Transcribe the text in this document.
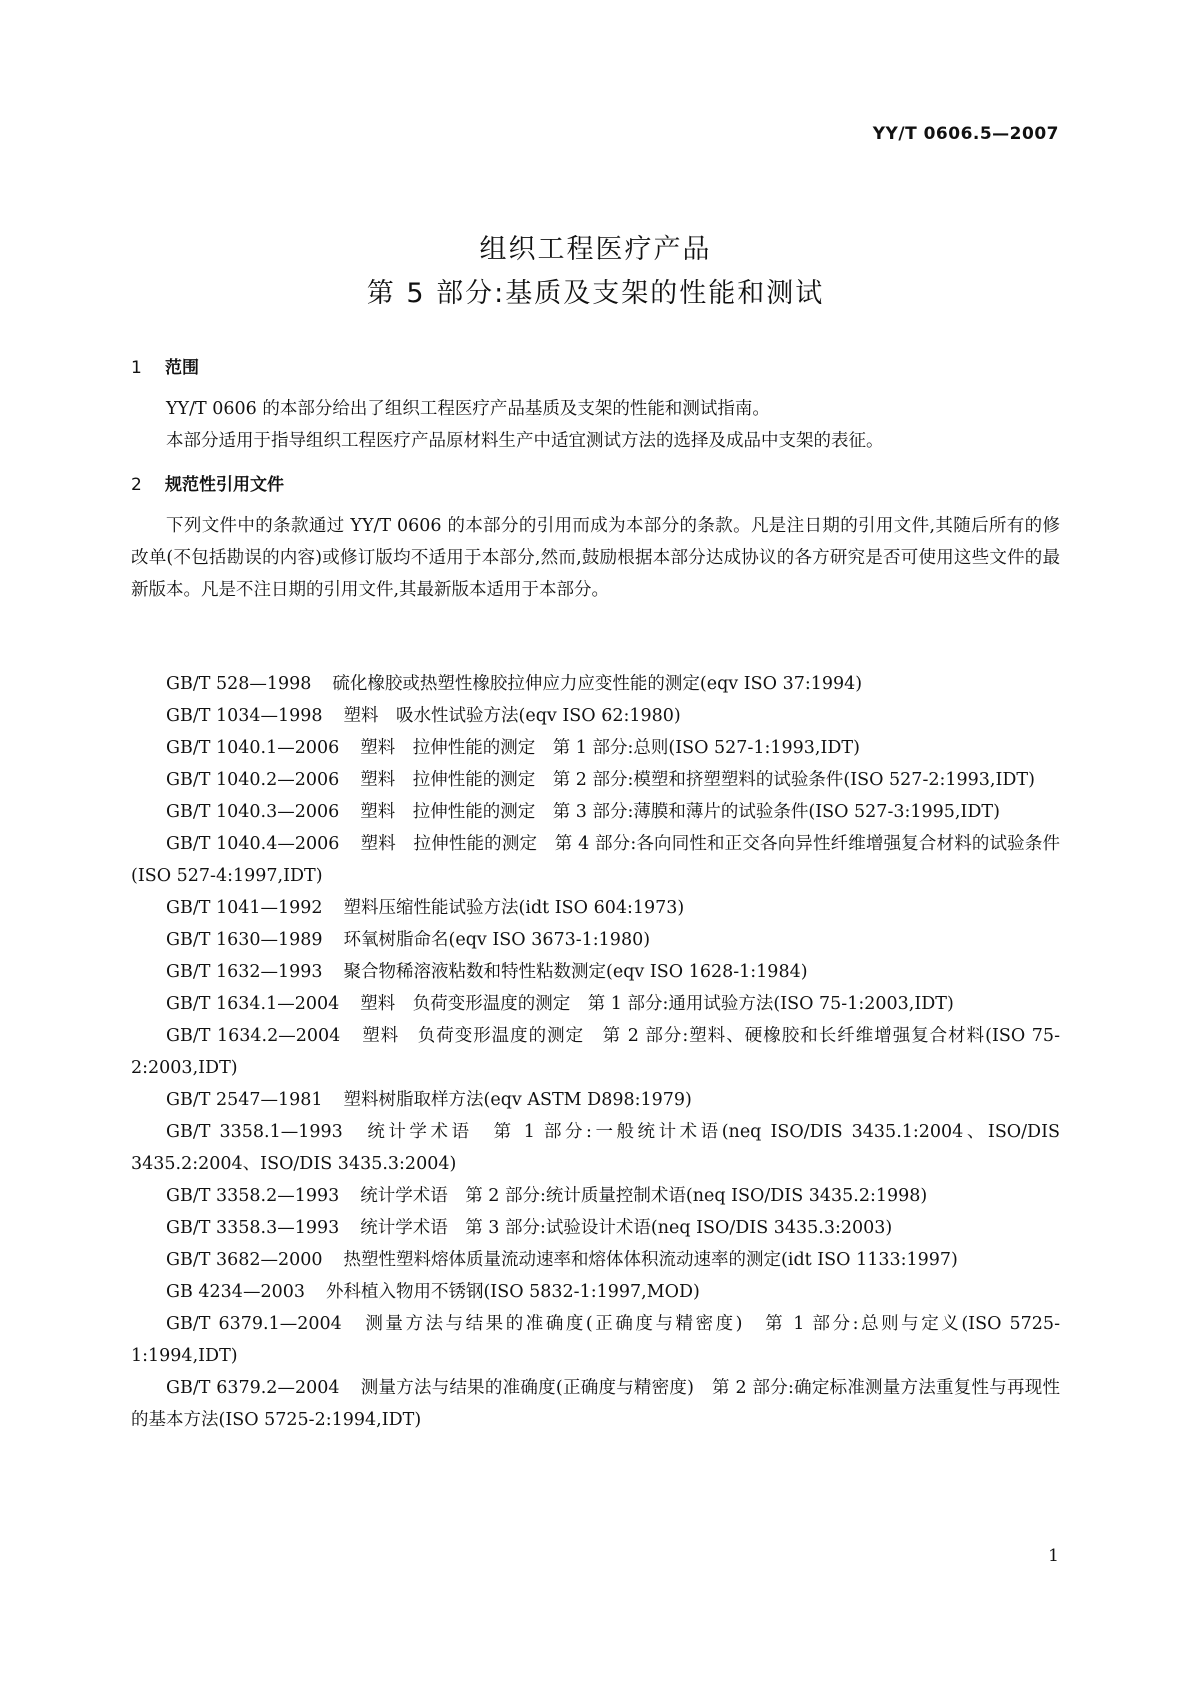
YY/T 0606.5—2007
组织工程医疗产品
第 5 部分:基质及支架的性能和测试
1 范围

YY/T 0606 的本部分给出了组织工程医疗产品基质及支架的性能和测试指南。

本部分适用于指导组织工程医疗产品原材料生产中适宜测试方法的选择及成品中支架的表征。

2 规范性引用文件

下列文件中的条款通过 YY/T 0606 的本部分的引用而成为本部分的条款。凡是注日期的引用文件,其随后所有的修改单(不包括勘误的内容)或修订版均不适用于本部分,然而,鼓励根据本部分达成协议的各方研究是否可使用这些文件的最新版本。凡是不注日期的引用文件,其最新版本适用于本部分。

GB/T 528—1998 硫化橡胶或热塑性橡胶拉伸应力应变性能的测定(eqv ISO 37:1994)

GB/T 1034—1998 塑料　吸水性试验方法(eqv ISO 62:1980)

GB/T 1040.1—2006 塑料　拉伸性能的测定　第 1 部分:总则(ISO 527-1:1993,IDT)

GB/T 1040.2—2006 塑料　拉伸性能的测定　第 2 部分:模塑和挤塑塑料的试验条件(ISO 527-2:1993,IDT)

GB/T 1040.3—2006 塑料　拉伸性能的测定　第 3 部分:薄膜和薄片的试验条件(ISO 527-3:1995,IDT)

GB/T 1040.4—2006 塑料　拉伸性能的测定　第 4 部分:各向同性和正交各向异性纤维增强复合材料的试验条件(ISO 527-4:1997,IDT)

GB/T 1041—1992 塑料压缩性能试验方法(idt ISO 604:1973)

GB/T 1630—1989 环氧树脂命名(eqv ISO 3673-1:1980)

GB/T 1632—1993 聚合物稀溶液粘数和特性粘数测定(eqv ISO 1628-1:1984)

GB/T 1634.1—2004 塑料　负荷变形温度的测定　第 1 部分:通用试验方法(ISO 75-1:2003,IDT)

GB/T 1634.2—2004 塑料　负荷变形温度的测定　第 2 部分:塑料、硬橡胶和长纤维增强复合材料(ISO 75-2:2003,IDT)

GB/T 2547—1981 塑料树脂取样方法(eqv ASTM D898:1979)

GB/T 3358.1—1993 统计学术语　第 1 部分:一般统计术语(neq ISO/DIS 3435.1:2004、ISO/DIS 3435.2:2004、ISO/DIS 3435.3:2004)

GB/T 3358.2—1993 统计学术语　第 2 部分:统计质量控制术语(neq ISO/DIS 3435.2:1998)

GB/T 3358.3—1993 统计学术语　第 3 部分:试验设计术语(neq ISO/DIS 3435.3:2003)

GB/T 3682—2000 热塑性塑料熔体质量流动速率和熔体体积流动速率的测定(idt ISO 1133:1997)

GB 4234—2003 外科植入物用不锈钢(ISO 5832-1:1997,MOD)

GB/T 6379.1—2004 测量方法与结果的准确度(正确度与精密度)　第 1 部分:总则与定义(ISO 5725-1:1994,IDT)

GB/T 6379.2—2004 测量方法与结果的准确度(正确度与精密度)　第 2 部分:确定标准测量方法重复性与再现性的基本方法(ISO 5725-2:1994,IDT)

1
